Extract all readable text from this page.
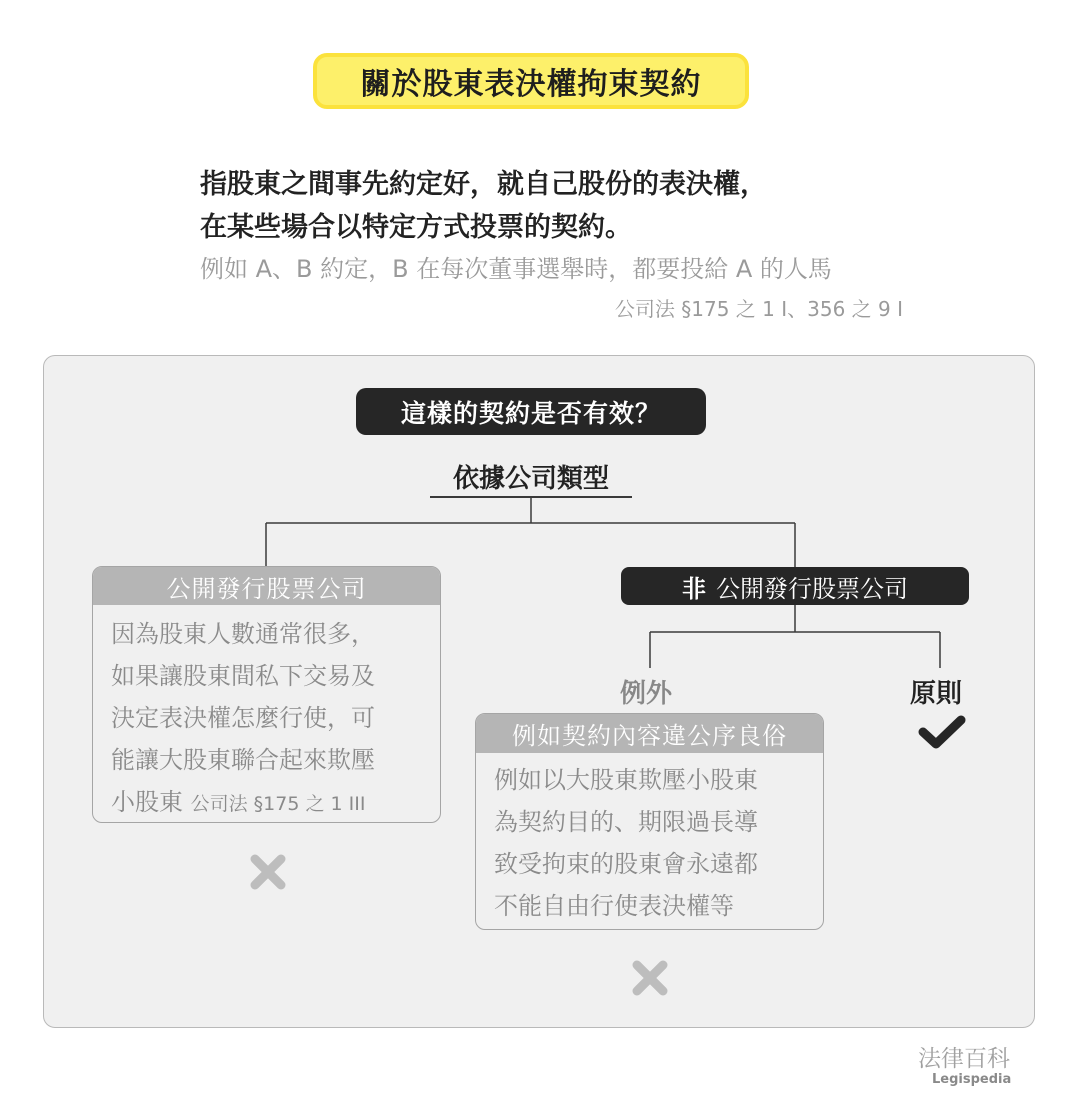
關於股東表決權拘束契約
指股東之間事先約定好，就自己股份的表決權，
在某些場合以特定方式投票的契約。
例如 A、B 約定，B 在每次董事選舉時，都要投給 A 的人馬
公司法 §175 之 1 I、356 之 9 I
這樣的契約是否有效？
依據公司類型
公開發行股票公司
因為股東人數通常很多，
如果讓股東間私下交易及
決定表決權怎麼行使，可
能讓大股東聯合起來欺壓
小股東 公司法 §175 之 1 III
非 公開發行股票公司
例外	原則
例如契約內容違公序良俗
例如以大股東欺壓小股東
為契約目的、期限過長導
致受拘束的股東會永遠都
不能自由行使表決權等
法律百科
Legispedia
